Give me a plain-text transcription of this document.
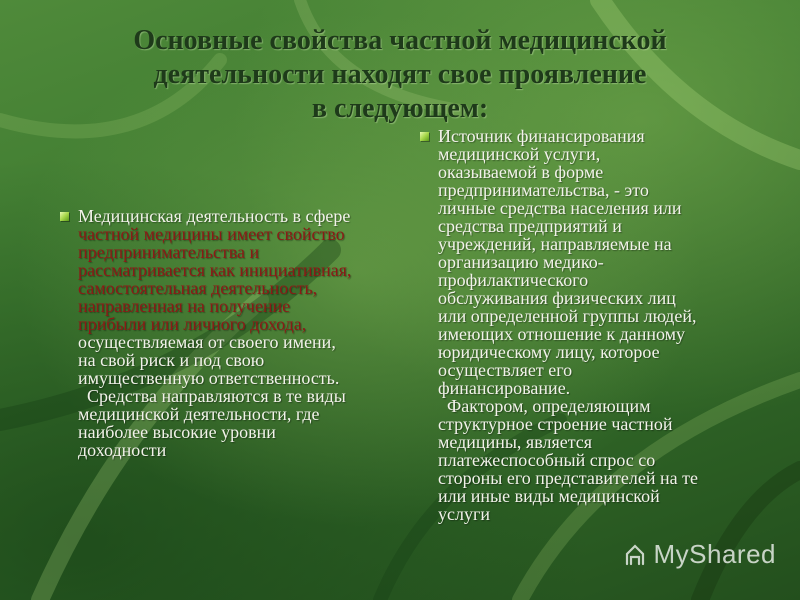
Основные свойства частной медицинской
деятельности находят свое проявление
в следующем:
Медицинская деятельность в сфере
частной медицины имеет свойство
предпринимательства и
рассматривается как инициативная,
самостоятельная деятельность,
направленная на получение
прибыли или личного дохода,
осуществляемая от своего имени,
на свой риск и под свою
имущественную ответственность.
Средства направляются в те виды
медицинской деятельности, где
наиболее высокие уровни
доходности
Источник финансирования
медицинской услуги,
оказываемой в форме
предпринимательства, - это
личные средства населения или
средства предприятий и
учреждений, направляемые на
организацию медико-
профилактического
обслуживания физических лиц
или определенной группы людей,
имеющих отношение к данному
юридическому лицу, которое
осуществляет его
финансирование.
Фактором, определяющим
структурное строение частной
медицины, является
платежеспособный спрос со
стороны его представителей на те
или иные виды медицинской
услуги
MyShared
